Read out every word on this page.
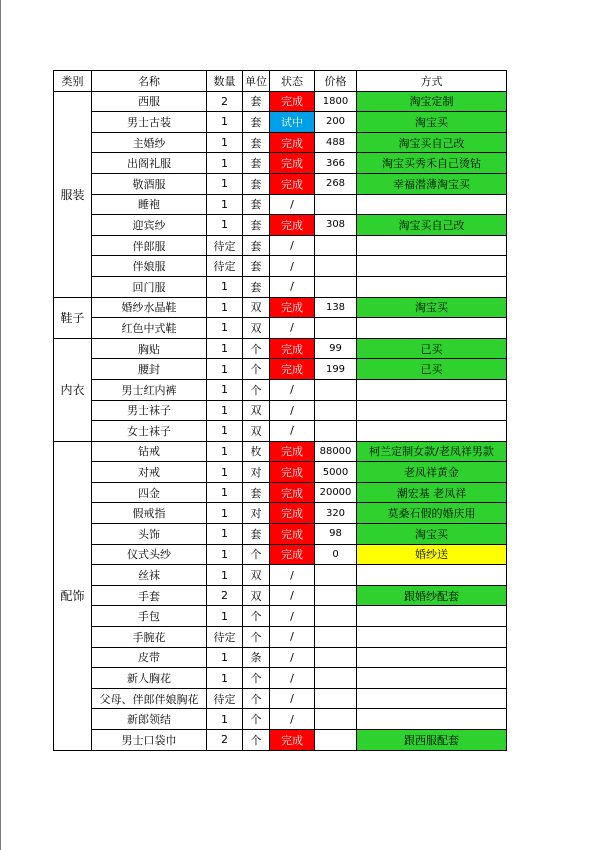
类别	名称	数量	单位	状态	价格	方式
服装	西服	2	套	完成	1800	淘宝定制
	男士古装	1	套	试中	200	淘宝买
	主婚纱	1	套	完成	488	淘宝买自己改
	出阁礼服	1	套	完成	366	淘宝买秀禾自己烫钻
	敬酒服	1	套	完成	268	幸福潜薄淘宝买
	睡袍	1	套	/		
	迎宾纱	1	套	完成	308	淘宝买自己改
	伴郎服	待定	套	/		
	伴娘服	待定	套	/		
	回门服	1	套	/		
鞋子	婚纱水晶鞋	1	双	完成	138	淘宝买
	红色中式鞋	1	双	/		
内衣	胸贴	1	个	完成	99	已买
	腰封	1	个	完成	199	已买
	男士红内裤	1	个	/		
	男士袜子	1	双	/		
	女士袜子	1	双	/		
配饰	钻戒	1	枚	完成	88000	柯兰定制女款/老凤祥男款
	对戒	1	对	完成	5000	老凤祥黄金
	四金	1	套	完成	20000	潮宏基 老凤祥
	假戒指	1	对	完成	320	莫桑石假的婚庆用
	头饰	1	套	完成	98	淘宝买
	仪式头纱	1	个	完成	0	婚纱送
	丝袜	1	双	/		
	手套	2	双	/		跟婚纱配套
	手包	1	个	/		
	手腕花	待定	个	/		
	皮带	1	条	/		
	新人胸花	1	个	/		
	父母、伴郎伴娘胸花	待定	个	/		
	新郎领结	1	个	/		
	男士口袋巾	2	个	完成		跟西服配套
